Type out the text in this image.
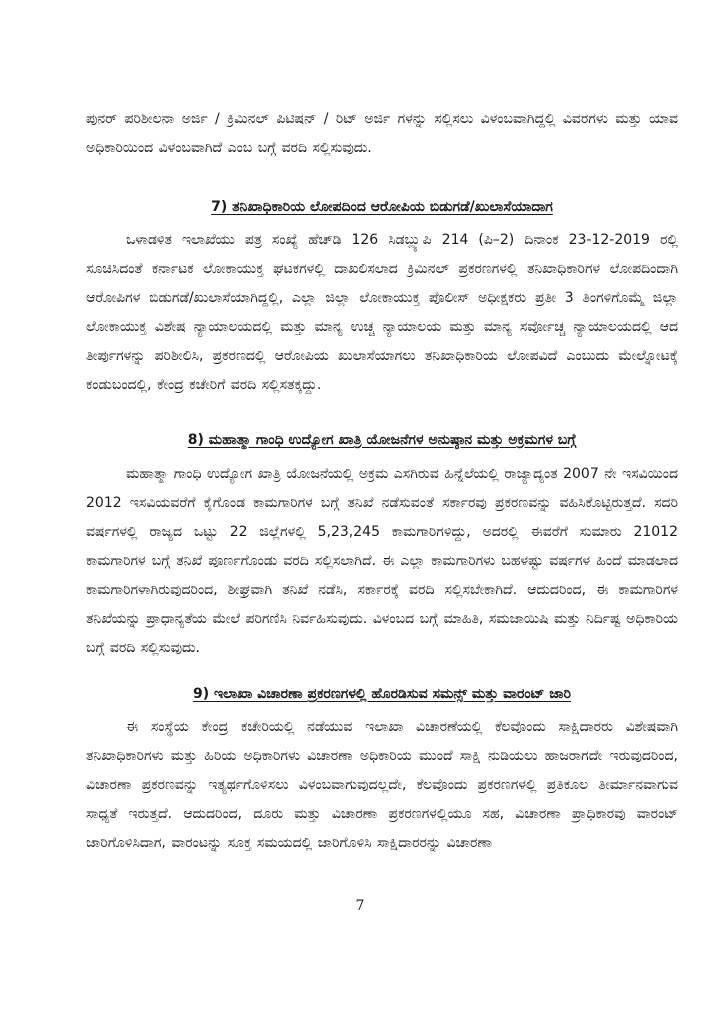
ಪುನರ್ ಪರಿಶೀಲನಾ ಅರ್ಜಿ / ಕ್ರಿಮಿನಲ್ ಪಿಟಿಷನ್ / ರಿಟ್ ಅರ್ಜಿ ಗಳನ್ನು ಸಲ್ಲಿಸಲು ವಿಳಂಬವಾಗಿದ್ದಲ್ಲಿ ವಿವರಗಳು ಮತ್ತು ಯಾವ ಅಧಿಕಾರಿಯಿಂದ ವಿಳಂಬವಾಗಿದೆ ಎಂಬ ಬಗ್ಗೆ ವರದಿ ಸಲ್ಲಿಸುವುದು.

7) ತನಿಖಾಧಿಕಾರಿಯ ಲೋಪದಿಂದ ಆರೋಪಿಯ ಬಿಡುಗಡೆ/ಖುಲಾಸೆಯಾದಾಗ

ಒಳಾಡಳಿತ ಇಲಾಖೆಯು ಪತ್ರ ಸಂಖ್ಯೆ ಹೆಚ್‌ಡಿ 126 ಸಿಡಬ್ಲ್ಯುಪಿ 214 (ಪಿ–2) ದಿನಾಂಕ 23-12-2019 ರಲ್ಲಿ ಸೂಚಿಸಿದಂತೆ ಕರ್ನಾಟಕ ಲೋಕಾಯುಕ್ತ ಘಟಕಗಳಲ್ಲಿ ದಾಖಲಿಸಲಾದ ಕ್ರಿಮಿನಲ್ ಪ್ರಕರಣಗಳಲ್ಲಿ ತನಿಖಾಧಿಕಾರಿಗಳ ಲೋಪದಿಂದಾಗಿ ಆರೋಪಿಗಳ ಬಿಡುಗಡೆ/ಖುಲಾಸೆಯಾಗಿದ್ದಲ್ಲಿ, ಎಲ್ಲಾ ಜಿಲ್ಲಾ ಲೋಕಾಯುಕ್ತ ಪೊಲೀಸ್ ಅಧೀಕ್ಷಕರು ಪ್ರತೀ 3 ತಿಂಗಳಿಗೊಮ್ಮೆ ಜಿಲ್ಲಾ ಲೋಕಾಯುಕ್ತ ವಿಶೇಷ ನ್ಯಾಯಾಲಯದಲ್ಲಿ ಮತ್ತು ಮಾನ್ಯ ಉಚ್ಚ ನ್ಯಾಯಾಲಯ ಮತ್ತು ಮಾನ್ಯ ಸರ್ವೋಚ್ಚ ನ್ಯಾಯಾಲಯದಲ್ಲಿ ಆದ ತೀರ್ಪುಗಳನ್ನು ಪರಿಶೀಲಿಸಿ, ಪ್ರಕರಣದಲ್ಲಿ ಆರೋಪಿಯ ಖುಲಾಸೆಯಾಗಲು ತನಿಖಾಧಿಕಾರಿಯ ಲೋಪವಿದೆ ಎಂಬುದು ಮೇಲ್ನೋಟಕ್ಕೆ ಕಂಡುಬಂದಲ್ಲಿ, ಕೇಂದ್ರ ಕಚೇರಿಗೆ ವರದಿ ಸಲ್ಲಿಸತಕ್ಕದ್ದು.

8) ಮಹಾತ್ಮಾ ಗಾಂಧಿ ಉದ್ಯೋಗ ಖಾತ್ರಿ ಯೋಜನೆಗಳ ಅನುಷ್ಠಾನ ಮತ್ತು ಅಕ್ರಮಗಳ ಬಗ್ಗೆ

ಮಹಾತ್ಮಾ ಗಾಂಧಿ ಉದ್ಯೋಗ ಖಾತ್ರಿ ಯೋಜನೆಯಲ್ಲಿ ಅಕ್ರಮ ಎಸಗಿರುವ ಹಿನ್ನೆಲೆಯಲ್ಲಿ ರಾಜ್ಯಾದ್ಯಂತ 2007 ನೇ ಇಸವಿಯಿಂದ 2012 ಇಸವಿಯವರೆಗೆ ಕೈಗೊಂಡ ಕಾಮಗಾರಿಗಳ ಬಗ್ಗೆ ತನಿಖೆ ನಡೆಸುವಂತೆ ಸರ್ಕಾರವು ಪ್ರಕರಣವನ್ನು ವಹಿಸಿಕೊಟ್ಟಿರುತ್ತದೆ. ಸದರಿ ವರ್ಷಗಳಲ್ಲಿ ರಾಜ್ಯದ ಒಟ್ಟು 22 ಜಿಲ್ಲೆಗಳಲ್ಲಿ 5,23,245 ಕಾಮಗಾರಿಗಳಿದ್ದು, ಅದರಲ್ಲಿ ಈವರೆಗೆ ಸುಮಾರು 21012 ಕಾಮಗಾರಿಗಳ ಬಗ್ಗೆ ತನಿಖೆ ಪೂರ್ಣಗೊಂಡು ವರದಿ ಸಲ್ಲಿಸಲಾಗಿದೆ. ಈ ಎಲ್ಲಾ ಕಾಮಗಾರಿಗಳು ಬಹಳಷ್ಟು ವರ್ಷಗಳ ಹಿಂದೆ ಮಾಡಲಾದ ಕಾಮಗಾರಿಗಳಾಗಿರುವುದರಿಂದ, ಶೀಘ್ರವಾಗಿ ತನಿಖೆ ನಡೆಸಿ, ಸರ್ಕಾರಕ್ಕೆ ವರದಿ ಸಲ್ಲಿಸಬೇಕಾಗಿದೆ. ಆದುದರಿಂದ, ಈ ಕಾಮಗಾರಿಗಳ ತನಿಖೆಯನ್ನು ಪ್ರಾಧಾನ್ಯತೆಯ ಮೇಲೆ ಪರಿಗಣಿಸಿ ನಿರ್ವಹಿಸುವುದು. ವಿಳಂಬದ ಬಗ್ಗೆ ಮಾಹಿತಿ, ಸಮಜಾಯಿಷಿ ಮತ್ತು ನಿರ್ದಿಷ್ಟ ಅಧಿಕಾರಿಯ ಬಗ್ಗೆ ವರದಿ ಸಲ್ಲಿಸುವುದು.

9) ಇಲಾಖಾ ವಿಚಾರಣಾ ಪ್ರಕರಣಗಳಲ್ಲಿ ಹೊರಡಿಸುವ ಸಮನ್ಸ್ ಮತ್ತು ವಾರಂಟ್ ಜಾರಿ

ಈ ಸಂಸ್ಥೆಯ ಕೇಂದ್ರ ಕಚೇರಿಯಲ್ಲಿ ನಡೆಯುವ ಇಲಾಖಾ ವಿಚಾರಣೆಯಲ್ಲಿ ಕೆಲವೊಂದು ಸಾಕ್ಷಿದಾರರು ವಿಶೇಷವಾಗಿ ತನಿಖಾಧಿಕಾರಿಗಳು ಮತ್ತು ಹಿರಿಯ ಅಧಿಕಾರಿಗಳು ವಿಚಾರಣಾ ಅಧಿಕಾರಿಯ ಮುಂದೆ ಸಾಕ್ಷಿ ನುಡಿಯಲು ಹಾಜರಾಗದೇ ಇರುವುದರಿಂದ, ವಿಚಾರಣಾ ಪ್ರಕರಣವನ್ನು ಇತ್ಯರ್ಥಗೊಳಿಸಲು ವಿಳಂಬವಾಗುವುದಲ್ಲದೇ, ಕೆಲವೊಂದು ಪ್ರಕರಣಗಳಲ್ಲಿ ಪ್ರತಿಕೂಲ ತೀರ್ಮಾನವಾಗುವ ಸಾಧ್ಯತೆ ಇರುತ್ತದೆ. ಆದುದರಿಂದ, ದೂರು ಮತ್ತು ವಿಚಾರಣಾ ಪ್ರಕರಣಗಳಲ್ಲಿಯೂ ಸಹ, ವಿಚಾರಣಾ ಪ್ರಾಧಿಕಾರವು ವಾರಂಟ್ ಜಾರಿಗೊಳಿಸಿದಾಗ, ವಾರಂಟನ್ನು ಸೂಕ್ತ ಸಮಯದಲ್ಲಿ ಜಾರಿಗೊಳಿಸಿ ಸಾಕ್ಷಿದಾರರನ್ನು ವಿಚಾರಣಾ

7
